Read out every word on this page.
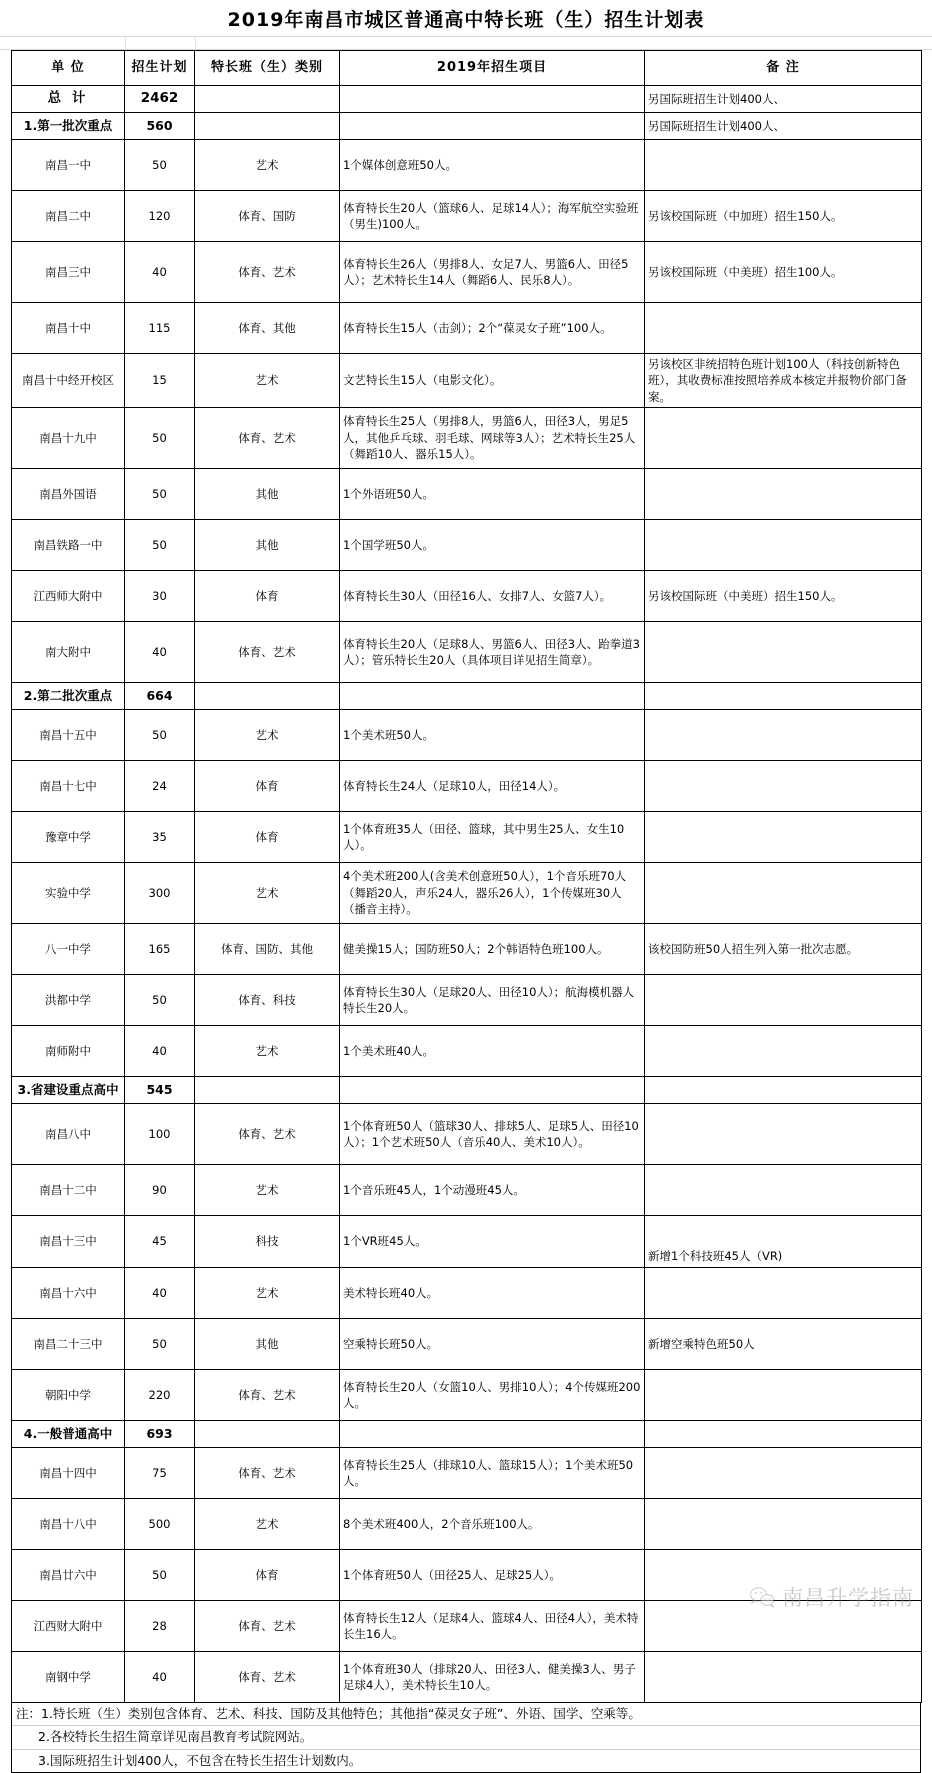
2019年南昌市城区普通高中特长班（生）招生计划表
单 位	招生计划	特长班（生）类别	2019年招生项目	备 注
总 计	2462			另国际班招生计划400人、
1.第一批次重点	560			另国际班招生计划400人、
南昌一中	50	艺术	1个媒体创意班50人。	
南昌二中	120	体育、国防	体育特长生20人（篮球6人、足球14人）；海军航空实验班（男生)100人。	另该校国际班（中加班）招生150人。
南昌三中	40	体育、艺术	体育特长生26人（男排8人、女足7人、男篮6人、田径5人）；艺术特长生14人（舞蹈6人、民乐8人）。	另该校国际班（中美班）招生100人。
南昌十中	115	体育、其他	体育特长生15人（击剑）；2个“葆灵女子班”100人。	
南昌十中经开校区	15	艺术	文艺特长生15人（电影文化）。	另该校区非统招特色班计划100人（科技创新特色班），其收费标准按照培养成本核定并报物价部门备案。
南昌十九中	50	体育、艺术	体育特长生25人（男排8人，男篮6人，田径3人，男足5人，其他乒乓球、羽毛球、网球等3人）；艺术特长生25人（舞蹈10人、器乐15人）。	
南昌外国语	50	其他	1个外语班50人。	
南昌铁路一中	50	其他	1个国学班50人。	
江西师大附中	30	体育	体育特长生30人（田径16人、女排7人、女篮7人）。	另该校国际班（中美班）招生150人。
南大附中	40	体育、艺术	体育特长生20人（足球8人、男篮6人、田径3人、跆拳道3人）；管乐特长生20人（具体项目详见招生简章）。	
2.第二批次重点	664			
南昌十五中	50	艺术	1个美术班50人。	
南昌十七中	24	体育	体育特长生24人（足球10人，田径14人）。	
豫章中学	35	体育	1个体育班35人（田径、篮球，其中男生25人、女生10人）。	
实验中学	300	艺术	4个美术班200人(含美术创意班50人），1个音乐班70人（舞蹈20人，声乐24人，器乐26人），1个传媒班30人（播音主持）。	
八一中学	165	体育、国防、其他	健美操15人；国防班50人；2个韩语特色班100人。	该校国防班50人招生列入第一批次志愿。
洪都中学	50	体育、科技	体育特长生30人（足球20人、田径10人）；航海模机器人特长生20人。	
南师附中	40	艺术	1个美术班40人。	
3.省建设重点高中	545			
南昌八中	100	体育、艺术	1个体育班50人（篮球30人、排球5人、足球5人、田径10人）；1个艺术班50人（音乐40人、美术10人）。	
南昌十二中	90	艺术	1个音乐班45人，1个动漫班45人。	
南昌十三中	45	科技	1个VR班45人。	新增1个科技班45人（VR)
南昌十六中	40	艺术	美术特长班40人。	
南昌二十三中	50	其他	空乘特长班50人。	新增空乘特色班50人
朝阳中学	220	体育、艺术	体育特长生20人（女篮10人、男排10人）；4个传媒班200人。	
4.一般普通高中	693			
南昌十四中	75	体育、艺术	体育特长生25人（排球10人、篮球15人）；1个美术班50人。	
南昌十八中	500	艺术	8个美术班400人，2个音乐班100人。	
南昌廿六中	50	体育	1个体育班50人（田径25人、足球25人）。	
江西财大附中	28	体育、艺术	体育特长生12人（足球4人、篮球4人、田径4人），美术特长生16人。	
南钢中学	40	体育、艺术	1个体育班30人（排球20人、田径3人、健美操3人、男子足球4人），美术特长生10人。	
注：1.特长班（生）类别包含体育、艺术、科技、国防及其他特色；其他指“葆灵女子班”、外语、国学、空乘等。
2.各校特长生招生简章详见南昌教育考试院网站。
3.国际班招生计划400人，不包含在特长生招生计划数内。
南昌升学指南
